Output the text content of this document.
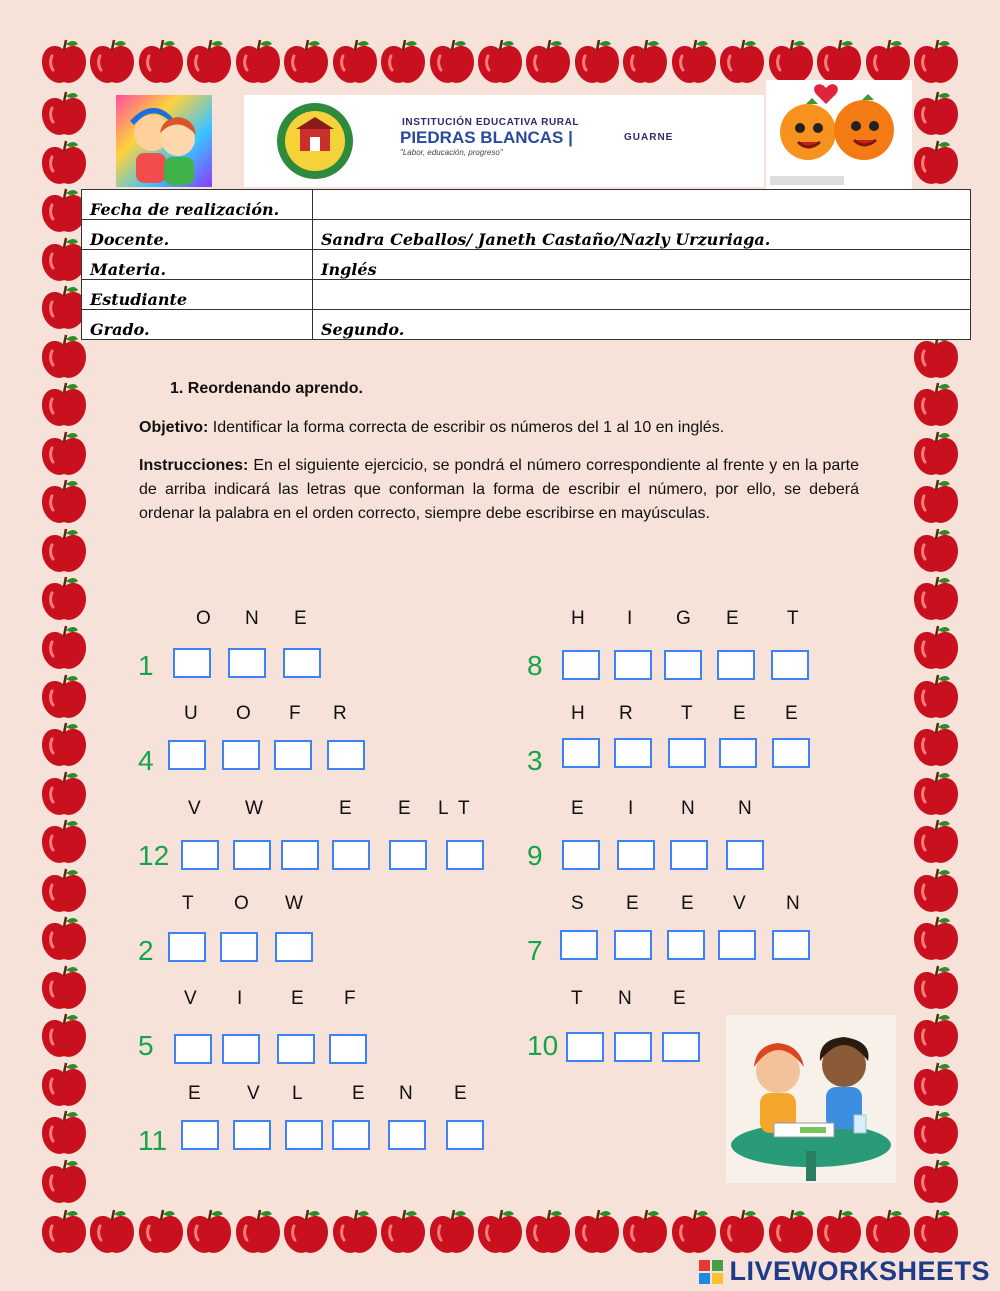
INSTITUCIÓN EDUCATIVA RURAL
PIEDRAS BLANCAS |	GUARNE
"Labor, educación, progreso"
Fecha de realización.	
Docente.	Sandra Ceballos/ Janeth Castaño/Nazly Urzuriaga.
Materia.	Inglés
Estudiante	
Grado.	Segundo.
1. Reordenando aprendo.
Objetivo: Identificar la forma correcta de escribir os números del 1 al 10 en inglés.
Instrucciones: En el siguiente ejercicio, se pondrá el número correspondiente al frente y en la parte de arriba indicará las letras que conforman la forma de escribir el número, por ello, se deberá ordenar la palabra en el orden correcto, siempre debe escribirse en mayúsculas.
1
O N E
4
U O F R
12
V W	E E T
L
2
T O W
5
V I	E F
11
E V L	E N E
8
H I G E	T
3
H R	T E E
9
E I	N N
7
S E E V N
10
T N E
LIVEWORKSHEETS
